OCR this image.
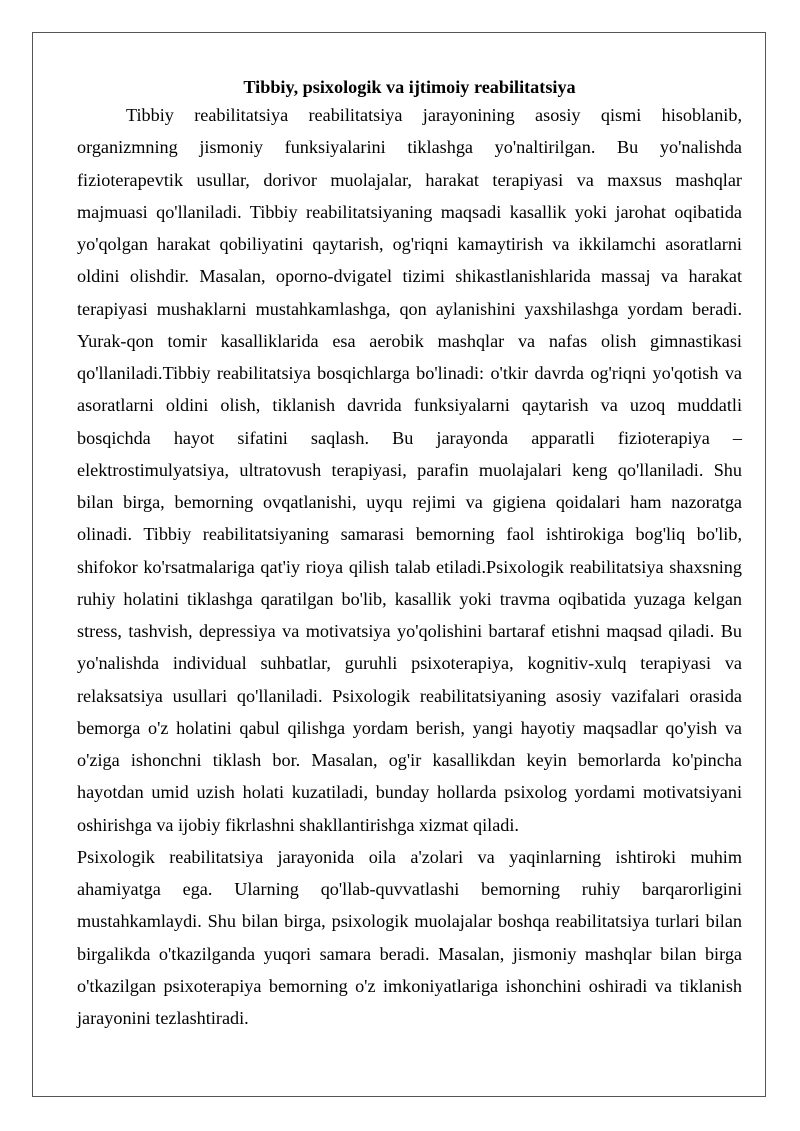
Tibbiy, psixologik va ijtimoiy reabilitatsiya

Tibbiy reabilitatsiya reabilitatsiya jarayonining asosiy qismi hisoblanib, organizmning jismoniy funksiyalarini tiklashga yo'naltirilgan. Bu yo'nalishda fizioterapevtik usullar, dorivor muolajalar, harakat terapiyasi va maxsus mashqlar majmuasi qo'llaniladi. Tibbiy reabilitatsiyaning maqsadi kasallik yoki jarohat oqibatida yo'qolgan harakat qobiliyatini qaytarish, og'riqni kamaytirish va ikkilamchi asoratlarni oldini olishdir. Masalan, oporno-dvigatel tizimi shikastlanishlarida massaj va harakat terapiyasi mushaklarni mustahkamlashga, qon aylanishini yaxshilashga yordam beradi. Yurak-qon tomir kasalliklarida esa aerobik mashqlar va nafas olish gimnastikasi qo'llaniladi.Tibbiy reabilitatsiya bosqichlarga bo'linadi: o'tkir davrda og'riqni yo'qotish va asoratlarni oldini olish, tiklanish davrida funksiyalarni qaytarish va uzoq muddatli bosqichda hayot sifatini saqlash. Bu jarayonda apparatli fizioterapiya – elektrostimulyatsiya, ultratovush terapiyasi, parafin muolajalari keng qo'llaniladi. Shu bilan birga, bemorning ovqatlanishi, uyqu rejimi va gigiena qoidalari ham nazoratga olinadi. Tibbiy reabilitatsiyaning samarasi bemorning faol ishtirokiga bog'liq bo'lib, shifokor ko'rsatmalariga qat'iy rioya qilish talab etiladi.Psixologik reabilitatsiya shaxsning ruhiy holatini tiklashga qaratilgan bo'lib, kasallik yoki travma oqibatida yuzaga kelgan stress, tashvish, depressiya va motivatsiya yo'qolishini bartaraf etishni maqsad qiladi. Bu yo'nalishda individual suhbatlar, guruhli psixoterapiya, kognitiv-xulq terapiyasi va relaksatsiya usullari qo'llaniladi. Psixologik reabilitatsiyaning asosiy vazifalari orasida bemorga o'z holatini qabul qilishga yordam berish, yangi hayotiy maqsadlar qo'yish va o'ziga ishonchni tiklash bor. Masalan, og'ir kasallikdan keyin bemorlarda ko'pincha hayotdan umid uzish holati kuzatiladi, bunday hollarda psixolog yordami motivatsiyani oshirishga va ijobiy fikrlashni shakllantirishga xizmat qiladi.

Psixologik reabilitatsiya jarayonida oila a'zolari va yaqinlarning ishtiroki muhim ahamiyatga ega. Ularning qo'llab-quvvatlashi bemorning ruhiy barqarorligini mustahkamlaydi. Shu bilan birga, psixologik muolajalar boshqa reabilitatsiya turlari bilan birgalikda o'tkazilganda yuqori samara beradi. Masalan, jismoniy mashqlar bilan birga o'tkazilgan psixoterapiya bemorning o'z imkoniyatlariga ishonchini oshiradi va tiklanish jarayonini tezlashtiradi.
